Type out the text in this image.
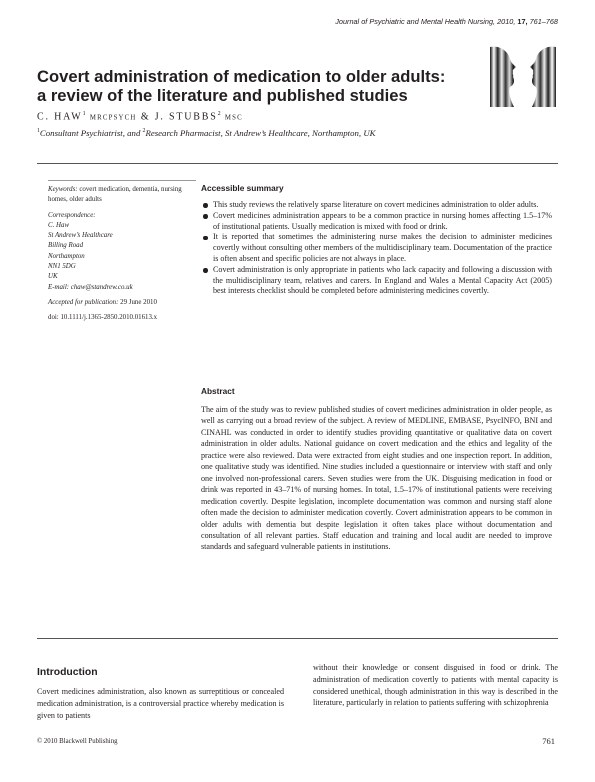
Journal of Psychiatric and Mental Health Nursing, 2010, 17, 761–768
Covert administration of medication to older adults:
a review of the literature and published studies
C. HAW$^1$ MRCPSYCH & J. STUBBS$^2$ MSC
$^1$Consultant Psychiatrist, and $^2$Research Pharmacist, St Andrew’s Healthcare, Northampton, UK
Keywords: covert medication, dementia, nursing homes, older adults
Correspondence:
C. Haw
St Andrew’s Healthcare
Billing Road
Northampton
NN1 5DG
UK
E-mail: chaw@standrew.co.uk
Accepted for publication: 29 June 2010
doi: 10.1111/j.1365-2850.2010.01613.x
Accessible summary
This study reviews the relatively sparse literature on covert medicines administration to older adults.
Covert medicines administration appears to be a common practice in nursing homes affecting 1.5–17% of institutional patients. Usually medication is mixed with food or drink.
It is reported that sometimes the administering nurse makes the decision to administer medicines covertly without consulting other members of the multidisciplinary team. Documentation of the practice is often absent and specific policies are not always in place.
Covert administration is only appropriate in patients who lack capacity and following a discussion with the multidisciplinary team, relatives and carers. In England and Wales a Mental Capacity Act (2005) best interests checklist should be completed before administering medicines covertly.
Abstract

The aim of the study was to review published studies of covert medicines administration in older people, as well as carrying out a broad review of the subject. A review of MEDLINE, EMBASE, PsycINFO, BNI and CINAHL was conducted in order to identify studies providing quantitative or qualitative data on covert administration in older adults. National guidance on covert medication and the ethics and legality of the practice were also reviewed. Data were extracted from eight studies and one inspection report. In addition, one qualitative study was identified. Nine studies included a questionnaire or interview with staff and only one involved non-professional carers. Seven studies were from the UK. Disguising medication in food or drink was reported in 43–71% of nursing homes. In total, 1.5–17% of institutional patients were receiving medication covertly. Despite legislation, incomplete documentation was common and nursing staff alone often made the decision to administer medication covertly. Covert administration appears to be common in older adults with dementia but despite legislation it often takes place without documentation and consultation of all relevant parties. Staff education and training and local audit are needed to improve standards and safeguard vulnerable patients in institutions.

Introduction

Covert medicines administration, also known as surreptitious or concealed medication administration, is a controversial practice whereby medication is given to patients

without their knowledge or consent disguised in food or drink. The administration of medication covertly to patients with mental capacity is considered unethical, though administration in this way is described in the literature, particularly in relation to patients suffering with schizophrenia

© 2010 Blackwell Publishing	761
